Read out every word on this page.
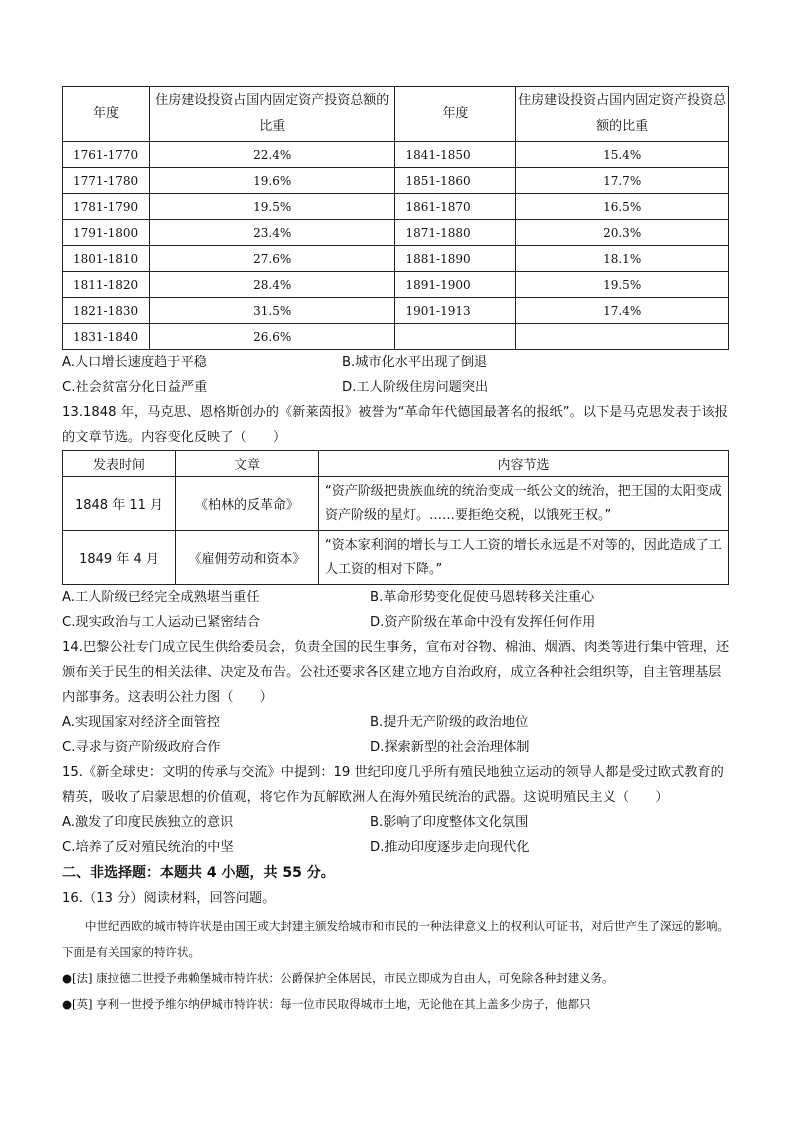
年度	住房建设投资占国内固定资产投资总额的比重	年度	住房建设投资占国内固定资产投资总额的比重
1761-1770	22.4%	1841-1850	15.4%
1771-1780	19.6%	1851-1860	17.7%
1781-1790	19.5%	1861-1870	16.5%
1791-1800	23.4%	1871-1880	20.3%
1801-1810	27.6%	1881-1890	18.1%
1811-1820	28.4%	1891-1900	19.5%
1821-1830	31.5%	1901-1913	17.4%
1831-1840	26.6%		
A.人口增长速度趋于平稳	B.城市化水平出现了倒退
C.社会贫富分化日益严重	D.工人阶级住房问题突出
13.1848 年，马克思、恩格斯创办的《新莱茵报》被誉为“革命年代德国最著名的报纸”。以下是马克思发表于该报的文章节选。内容变化反映了（　　）
发表时间	文章	内容节选
1848 年 11 月	《柏林的反革命》	“资产阶级把贵族血统的统治变成一纸公文的统治，把王国的太阳变成资产阶级的星灯。……要拒绝交税，以饿死王权。”
1849 年 4 月	《雇佣劳动和资本》	“资本家利润的增长与工人工资的增长永远是不对等的，因此造成了工人工资的相对下降。”
A.工人阶级已经完全成熟堪当重任	B.革命形势变化促使马恩转移关注重心
C.现实政治与工人运动已紧密结合	D.资产阶级在革命中没有发挥任何作用
14.巴黎公社专门成立民生供给委员会，负责全国的民生事务，宣布对谷物、棉油、烟酒、肉类等进行集中管理，还颁布关于民生的相关法律、决定及布告。公社还要求各区建立地方自治政府，成立各种社会组织等，自主管理基层内部事务。这表明公社力图（　　）
A.实现国家对经济全面管控	B.提升无产阶级的政治地位
C.寻求与资产阶级政府合作	D.探索新型的社会治理体制
15.《新全球史：文明的传承与交流》中提到：19 世纪印度几乎所有殖民地独立运动的领导人都是受过欧式教育的精英，吸收了启蒙思想的价值观，将它作为瓦解欧洲人在海外殖民统治的武器。这说明殖民主义（　　）
A.激发了印度民族独立的意识	B.影响了印度整体文化氛围
C.培养了反对殖民统治的中坚	D.推动印度逐步走向现代化
二、非选择题：本题共 4 小题，共 55 分。
16.（13 分）阅读材料，回答问题。
中世纪西欧的城市特许状是由国王或大封建主颁发给城市和市民的一种法律意义上的权利认可证书，对后世产生了深远的影响。下面是有关国家的特许状。
●[法] 康拉德二世授予弗赖堡城市特许状：公爵保护全体居民，市民立即成为自由人，可免除各种封建义务。
●[英] 亨利一世授予维尔纳伊城市特许状：每一位市民取得城市土地，无论他在其上盖多少房子，他都只
